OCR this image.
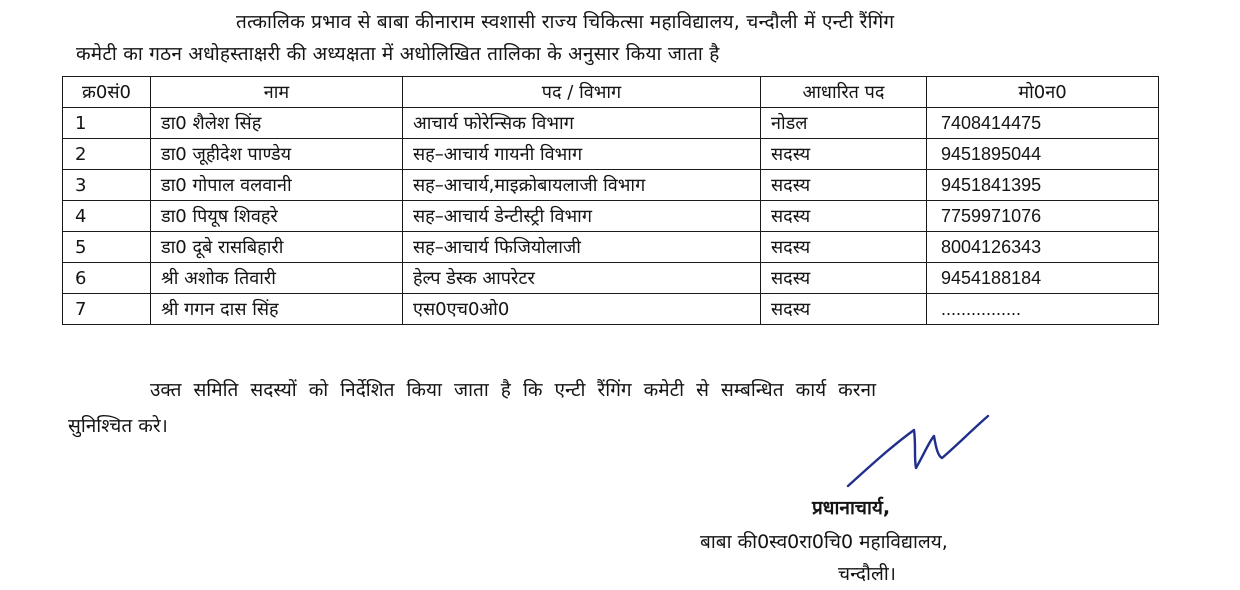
तत्कालिक प्रभाव से बाबा कीनाराम स्वशासी राज्य चिकित्सा महाविद्यालय, चन्दौली में एन्टी रैंगिंग
कमेटी का गठन अधोहस्ताक्षरी की अध्यक्षता में अधोलिखित तालिका के अनुसार किया जाता है
क्र0सं0	नाम	पद / विभाग	आधारित पद	मो0न0
1	डा0 शैलेश सिंह	आचार्य फोरेन्सिक विभाग	नोडल	7408414475
2	डा0 जूहीदेश पाण्डेय	सह–आचार्य गायनी विभाग	सदस्य	9451895044
3	डा0 गोपाल वलवानी	सह–आचार्य,माइक्रोबायलाजी विभाग	सदस्य	9451841395
4	डा0 पियूष शिवहरे	सह–आचार्य डेन्टीस्ट्री विभाग	सदस्य	7759971076
5	डा0 दूबे रासबिहारी	सह–आचार्य फिजियोलाजी	सदस्य	8004126343
6	श्री अशोक तिवारी	हेल्प डेस्क आपरेटर	सदस्य	9454188184
7	श्री गगन दास सिंह	एस0एच0ओ0	सदस्य	................
उक्त समिति सदस्यों को निर्देशित किया जाता है कि एन्टी रैंगिंग कमेटी से सम्बन्धित कार्य करना
सुनिश्चित करे।
प्रधानाचार्य,
बाबा की0स्व0रा0चि0 महाविद्यालय,
चन्दौली।
